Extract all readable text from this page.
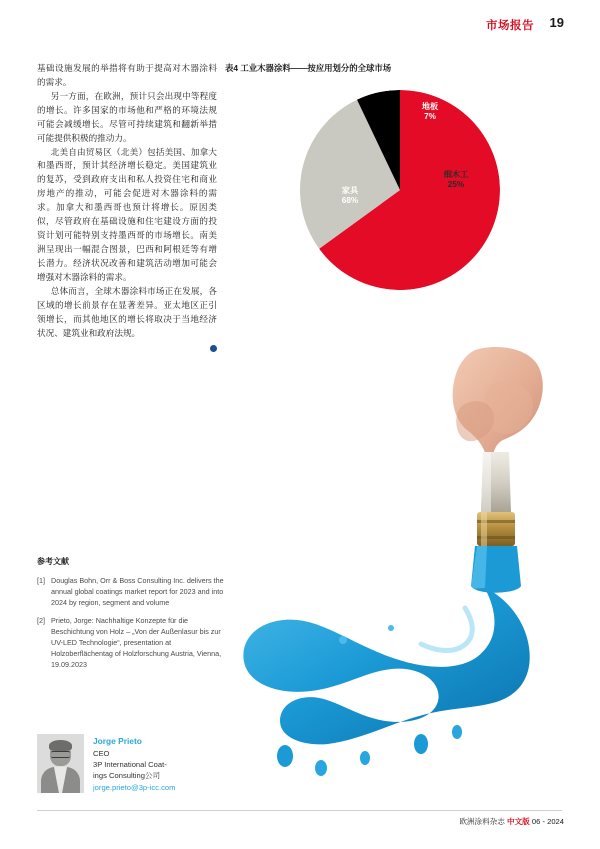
市场报告 19

基础设施发展的举措将有助于提高对木器涂料的需求。

另一方面，在欧洲，预计只会出现中等程度的增长。许多国家的市场他和严格的环境法规可能会减缓增长。尽管可持续建筑和翻新举措可能提供积极的推动力。

北美自由贸易区（北美）包括美国、加拿大和墨西哥，预计其经济增长稳定。美国建筑业的复苏，受到政府支出和私人投资住宅和商业房地产的推动，可能会促进对木器涂料的需求。加拿大和墨西哥也预计将增长。原因类似，尽管政府在基础设施和住宅建设方面的投资计划可能特别支持墨西哥的市场增长。南美洲呈现出一幅混合图景，巴西和阿根廷等有增长潜力。经济状况改善和建筑活动增加可能会增强对木器涂料的需求。

总体而言，全球木器涂料市场正在发展，各区域的增长前景存在显著差异。亚太地区正引领增长，而其他地区的增长将取决于当地经济状况、建筑业和政府法规。

参考文献
[1] Douglas Bohn, Orr & Boss Consulting Inc. delivers the annual global coatings market report for 2023 and into 2024 by region, segment and volume
[2] Prieto, Jorge: Nachhaltige Konzepte für die Beschichtung von Holz – „Von der Außenlasur bis zur UV-LED Technologie“, presentation at Holzoberflächentag of Holzforschung Austria, Vienna, 19.09.2023
Jorge Prieto
CEO
3P International Coat-
ings Consulting公司
jorge.prieto@3p-icc.com
表4 工业木器涂料——按应用划分的全球市场
家具
68%
细木工
25%
地板
7%
欧洲涂料杂志 中文版 06 - 2024
